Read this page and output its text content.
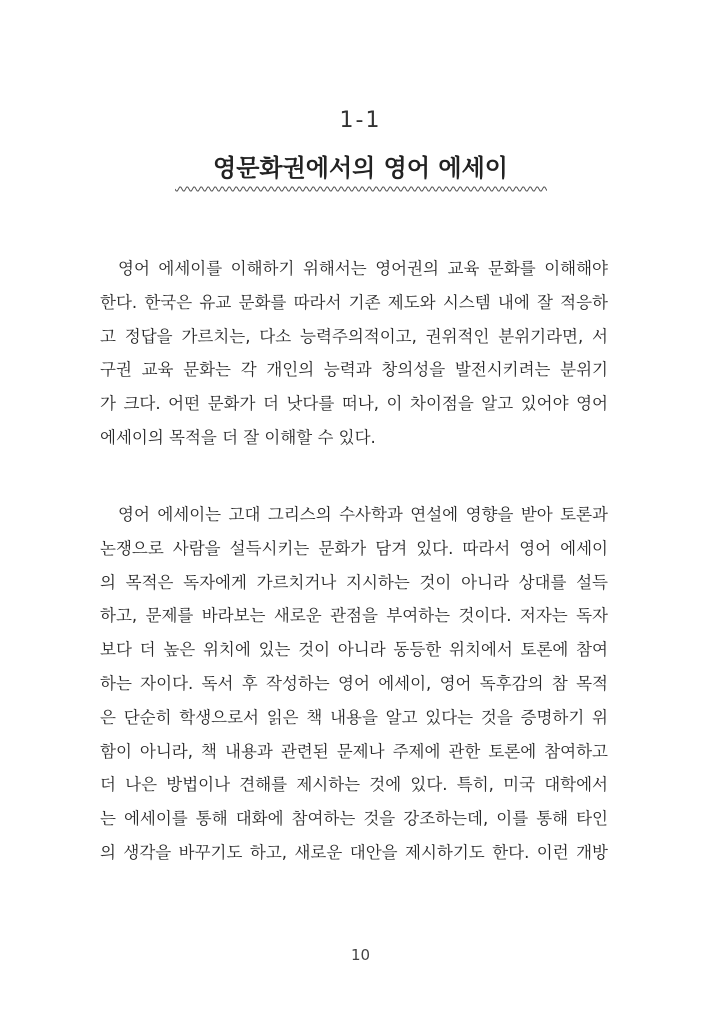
1-1
영문화권에서의 영어 에세이
영어 에세이를 이해하기 위해서는 영어권의 교육 문화를 이해해야
한다. 한국은 유교 문화를 따라서 기존 제도와 시스템 내에 잘 적응하
고 정답을 가르치는, 다소 능력주의적이고, 권위적인 분위기라면, 서
구권 교육 문화는 각 개인의 능력과 창의성을 발전시키려는 분위기
가 크다. 어떤 문화가 더 낫다를 떠나, 이 차이점을 알고 있어야 영어
에세이의 목적을 더 잘 이해할 수 있다.
영어 에세이는 고대 그리스의 수사학과 연설에 영향을 받아 토론과
논쟁으로 사람을 설득시키는 문화가 담겨 있다. 따라서 영어 에세이
의 목적은 독자에게 가르치거나 지시하는 것이 아니라 상대를 설득
하고, 문제를 바라보는 새로운 관점을 부여하는 것이다. 저자는 독자
보다 더 높은 위치에 있는 것이 아니라 동등한 위치에서 토론에 참여
하는 자이다. 독서 후 작성하는 영어 에세이, 영어 독후감의 참 목적
은 단순히 학생으로서 읽은 책 내용을 알고 있다는 것을 증명하기 위
함이 아니라, 책 내용과 관련된 문제나 주제에 관한 토론에 참여하고
더 나은 방법이나 견해를 제시하는 것에 있다. 특히, 미국 대학에서
는 에세이를 통해 대화에 참여하는 것을 강조하는데, 이를 통해 타인
의 생각을 바꾸기도 하고, 새로운 대안을 제시하기도 한다. 이런 개방
10
